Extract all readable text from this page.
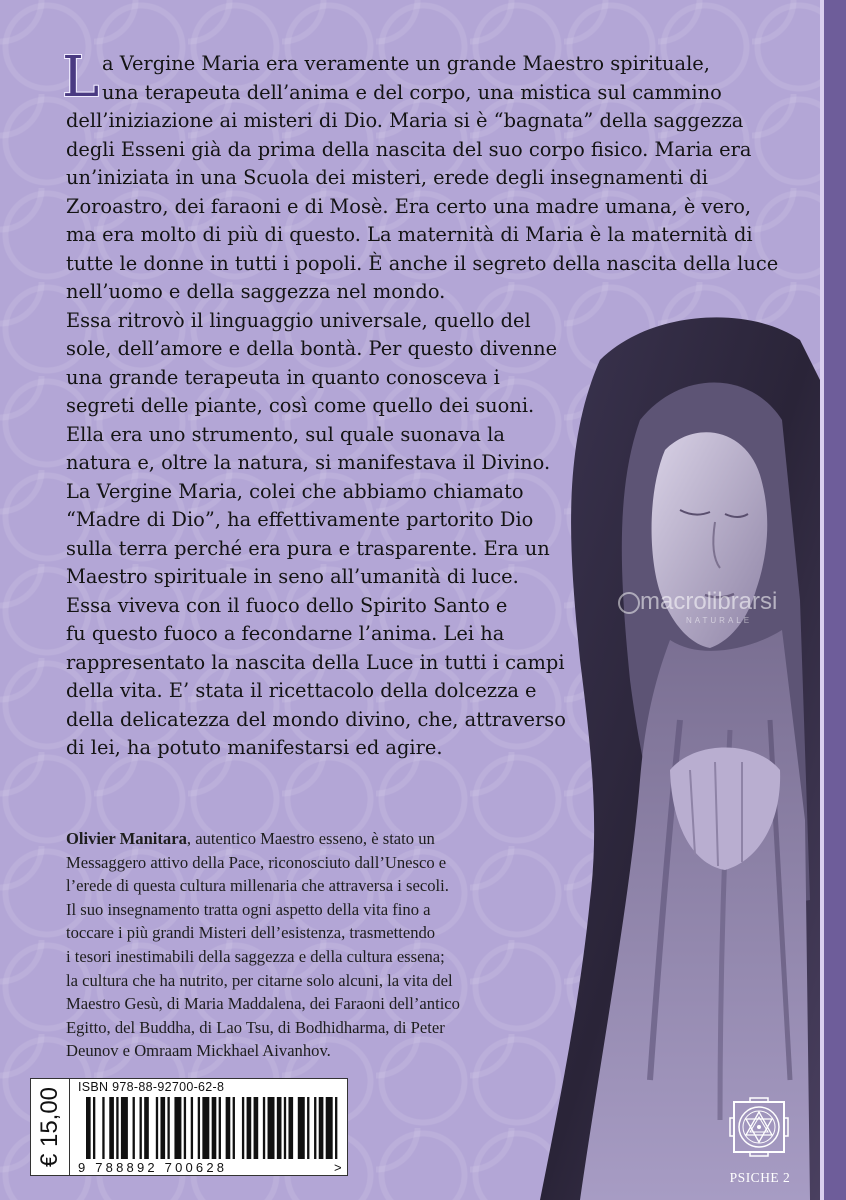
macrolibrarsi
NATURALE
L a Vergine Maria era veramente un grande Maestro spirituale,
una terapeuta dell’anima e del corpo, una mistica sul cammino
dell’iniziazione ai misteri di Dio. Maria si è “bagnata” della saggezza
degli Esseni già da prima della nascita del suo corpo fisico. Maria era
un’iniziata in una Scuola dei misteri, erede degli insegnamenti di
Zoroastro, dei faraoni e di Mosè. Era certo una madre umana, è vero,
ma era molto di più di questo. La maternità di Maria è la maternità di
tutte le donne in tutti i popoli. È anche il segreto della nascita della luce
nell’uomo e della saggezza nel mondo.
Essa ritrovò il linguaggio universale, quello del
sole, dell’amore e della bontà. Per questo divenne
una grande terapeuta in quanto conosceva i
segreti delle piante, così come quello dei suoni.
Ella era uno strumento, sul quale suonava la
natura e, oltre la natura, si manifestava il Divino.
La Vergine Maria, colei che abbiamo chiamato
“Madre di Dio”, ha effettivamente partorito Dio
sulla terra perché era pura e trasparente. Era un
Maestro spirituale in seno all’umanità di luce.
Essa viveva con il fuoco dello Spirito Santo e
fu questo fuoco a fecondarne l’anima. Lei ha
rappresentato la nascita della Luce in tutti i campi
della vita. E’ stata il ricettacolo della dolcezza e
della delicatezza del mondo divino, che, attraverso
di lei, ha potuto manifestarsi ed agire.
Olivier Manitara, autentico Maestro esseno, è stato un
Messaggero attivo della Pace, riconosciuto dall’Unesco e
l’erede di questa cultura millenaria che attraversa i secoli.
Il suo insegnamento tratta ogni aspetto della vita fino a
toccare i più grandi Misteri dell’esistenza, trasmettendo
i tesori inestimabili della saggezza e della cultura essena;
la cultura che ha nutrito, per citarne solo alcuni, la vita del
Maestro Gesù, di Maria Maddalena, dei Faraoni dell’antico
Egitto, del Buddha, di Lao Tsu, di Bodhidharma, di Peter
Deunov e Omraam Mickhael Aivanhov.
€ 15,00 ISBN 978-88-92700-62-8
9 788892 700628	>
PSICHE 2
